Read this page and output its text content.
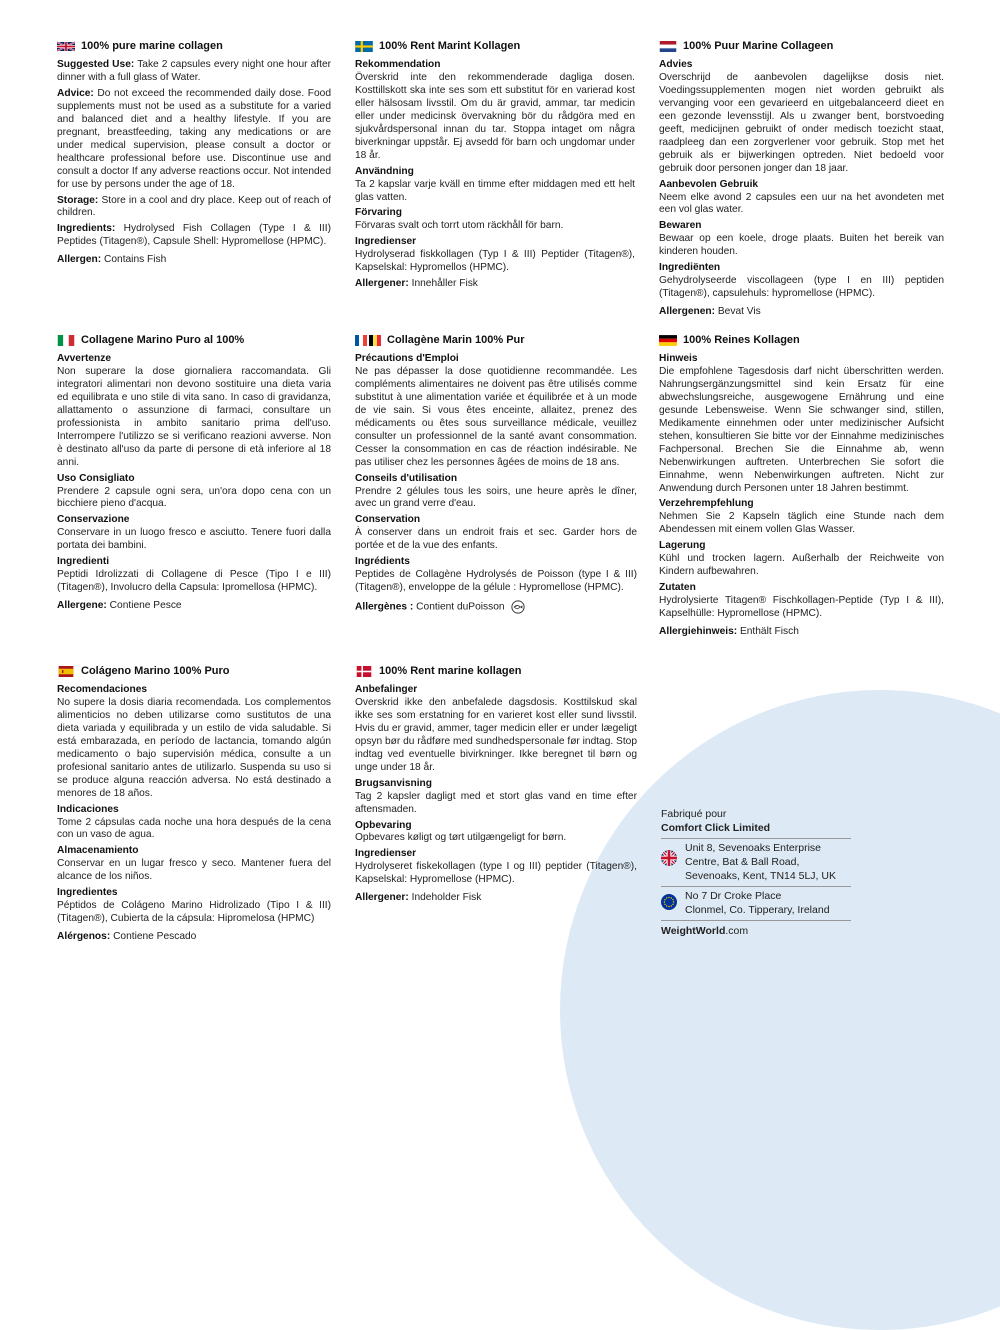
100% pure marine collagen

Suggested Use: Take 2 capsules every night one hour after dinner with a full glass of Water.

Advice: Do not exceed the recommended daily dose. Food supplements must not be used as a substitute for a varied and balanced diet and a healthy lifestyle. If you are pregnant, breastfeeding, taking any medications or are under medical supervision, please consult a doctor or healthcare professional before use. Discontinue use and consult a doctor If any adverse reactions occur. Not intended for use by persons under the age of 18.

Storage: Store in a cool and dry place. Keep out of reach of children.

Ingredients: Hydrolysed Fish Collagen (Type I & III) Peptides (Titagen®), Capsule Shell: Hypromellose (HPMC).

Allergen: Contains Fish

100% Rent Marint Kollagen
Rekommendation

Överskrid inte den rekommenderade dagliga dosen. Kosttillskott ska inte ses som ett substitut för en varierad kost eller hälsosam livsstil. Om du är gravid, ammar, tar medicin eller under medicinsk övervakning bör du rådgöra med en sjukvårdspersonal innan du tar. Stoppa intaget om några biverkningar uppstår. Ej avsedd för barn och ungdomar under 18 år.

Användning

Ta 2 kapslar varje kväll en timme efter middagen med ett helt glas vatten.

Förvaring

Förvaras svalt och torrt utom räckhåll för barn.

Ingredienser

Hydrolyserad fiskkollagen (Typ I & III) Peptider (Titagen®), Kapselskal: Hypromellos (HPMC).

Allergener: Innehåller Fisk

100% Puur Marine Collageen
Advies

Overschrijd de aanbevolen dagelijkse dosis niet. Voedingssupplementen mogen niet worden gebruikt als vervanging voor een gevarieerd en uitgebalanceerd dieet en een gezonde levensstijl. Als u zwanger bent, borstvoeding geeft, medicijnen gebruikt of onder medisch toezicht staat, raadpleeg dan een zorgverlener voor gebruik. Stop met het gebruik als er bijwerkingen optreden. Niet bedoeld voor gebruik door personen jonger dan 18 jaar.

Aanbevolen Gebruik

Neem elke avond 2 capsules een uur na het avondeten met een vol glas water.

Bewaren

Bewaar op een koele, droge plaats. Buiten het bereik van kinderen houden.

Ingrediënten

Gehydrolyseerde viscollageen (type I en III) peptiden (Titagen®), capsulehuls: hypromellose (HPMC).

Allergenen: Bevat Vis

Collagene Marino Puro al 100%
Avvertenze

Non superare la dose giornaliera raccomandata. Gli integratori alimentari non devono sostituire una dieta varia ed equilibrata e uno stile di vita sano. In caso di gravidanza, allattamento o assunzione di farmaci, consultare un professionista in ambito sanitario prima dell'uso. Interrompere l'utilizzo se si verificano reazioni avverse. Non è destinato all'uso da parte di persone di età inferiore al 18 anni.

Uso Consigliato

Prendere 2 capsule ogni sera, un'ora dopo cena con un bicchiere pieno d'acqua.

Conservazione

Conservare in un luogo fresco e asciutto. Tenere fuori dalla portata dei bambini.

Ingredienti

Peptidi Idrolizzati di Collagene di Pesce (Tipo I e III) (Titagen®), Involucro della Capsula: Ipromellosa (HPMC).

Allergene: Contiene Pesce

Collagène Marin 100% Pur
Précautions d'Emploi

Ne pas dépasser la dose quotidienne recommandée. Les compléments alimentaires ne doivent pas être utilisés comme substitut à une alimentation variée et équilibrée et à un mode de vie sain. Si vous êtes enceinte, allaitez, prenez des médicaments ou êtes sous surveillance médicale, veuillez consulter un professionnel de la santé avant consommation. Cesser la consommation en cas de réaction indésirable. Ne pas utiliser chez les personnes âgées de moins de 18 ans.

Conseils d'utilisation

Prendre 2 gélules tous les soirs, une heure après le dîner, avec un grand verre d'eau.

Conservation

À conserver dans un endroit frais et sec. Garder hors de portée et de la vue des enfants.

Ingrédients

Peptides de Collagène Hydrolysés de Poisson (type I & III) (Titagen®), enveloppe de la gélule : Hypromellose (HPMC).

Allergènes : Contient duPoisson

100% Reines Kollagen
Hinweis

Die empfohlene Tagesdosis darf nicht überschritten werden. Nahrungsergänzungsmittel sind kein Ersatz für eine abwechslungsreiche, ausgewogene Ernährung und eine gesunde Lebensweise. Wenn Sie schwanger sind, stillen, Medikamente einnehmen oder unter medizinischer Aufsicht stehen, konsultieren Sie bitte vor der Einnahme medizinisches Fachpersonal. Brechen Sie die Einnahme ab, wenn Nebenwirkungen auftreten. Unterbrechen Sie sofort die Einnahme, wenn Nebenwirkungen auftreten. Nicht zur Anwendung durch Personen unter 18 Jahren bestimmt.

Verzehrempfehlung

Nehmen Sie 2 Kapseln täglich eine Stunde nach dem Abendessen mit einem vollen Glas Wasser.

Lagerung

Kühl und trocken lagern. Außerhalb der Reichweite von Kindern aufbewahren.

Zutaten

Hydrolysierte Titagen® Fischkollagen-Peptide (Typ I & III), Kapselhülle: Hypromellose (HPMC).

Allergiehinweis: Enthält Fisch

Colágeno Marino 100% Puro
Recomendaciones

No supere la dosis diaria recomendada. Los complementos alimenticios no deben utilizarse como sustitutos de una dieta variada y equilibrada y un estilo de vida saludable. Si está embarazada, en período de lactancia, tomando algún medicamento o bajo supervisión médica, consulte a un profesional sanitario antes de utilizarlo. Suspenda su uso si se produce alguna reacción adversa. No está destinado a menores de 18 años.

Indicaciones

Tome 2 cápsulas cada noche una hora después de la cena con un vaso de agua.

Almacenamiento

Conservar en un lugar fresco y seco. Mantener fuera del alcance de los niños.

Ingredientes

Péptidos de Colágeno Marino Hidrolizado (Tipo I & III) (Titagen®), Cubierta de la cápsula: Hipromelosa (HPMC)

Alérgenos: Contiene Pescado

100% Rent marine kollagen
Anbefalinger

Overskrid ikke den anbefalede dagsdosis. Kosttilskud skal ikke ses som erstatning for en varieret kost eller sund livsstil. Hvis du er gravid, ammer, tager medicin eller er under lægeligt opsyn bør du rådføre med sundhedspersonale før indtag. Stop indtag ved eventuelle bivirkninger. Ikke beregnet til børn og unge under 18 år.

Brugsanvisning

Tag 2 kapsler dagligt med et stort glas vand en time efter aftensmaden.

Opbevaring

Opbevares køligt og tørt utilgængeligt for børn.

Ingredienser

Hydrolyseret fiskekollagen (type I og III) peptider (Titagen®), Kapselskal: Hypromellose (HPMC).

Allergener: Indeholder Fisk

Fabriqué pour
Comfort Click Limited
Unit 8, Sevenoaks Enterprise
Centre, Bat & Ball Road,
Sevenoaks, Kent, TN14 5LJ, UK
No 7 Dr Croke Place
Clonmel, Co. Tipperary, Ireland
WeightWorld.com
